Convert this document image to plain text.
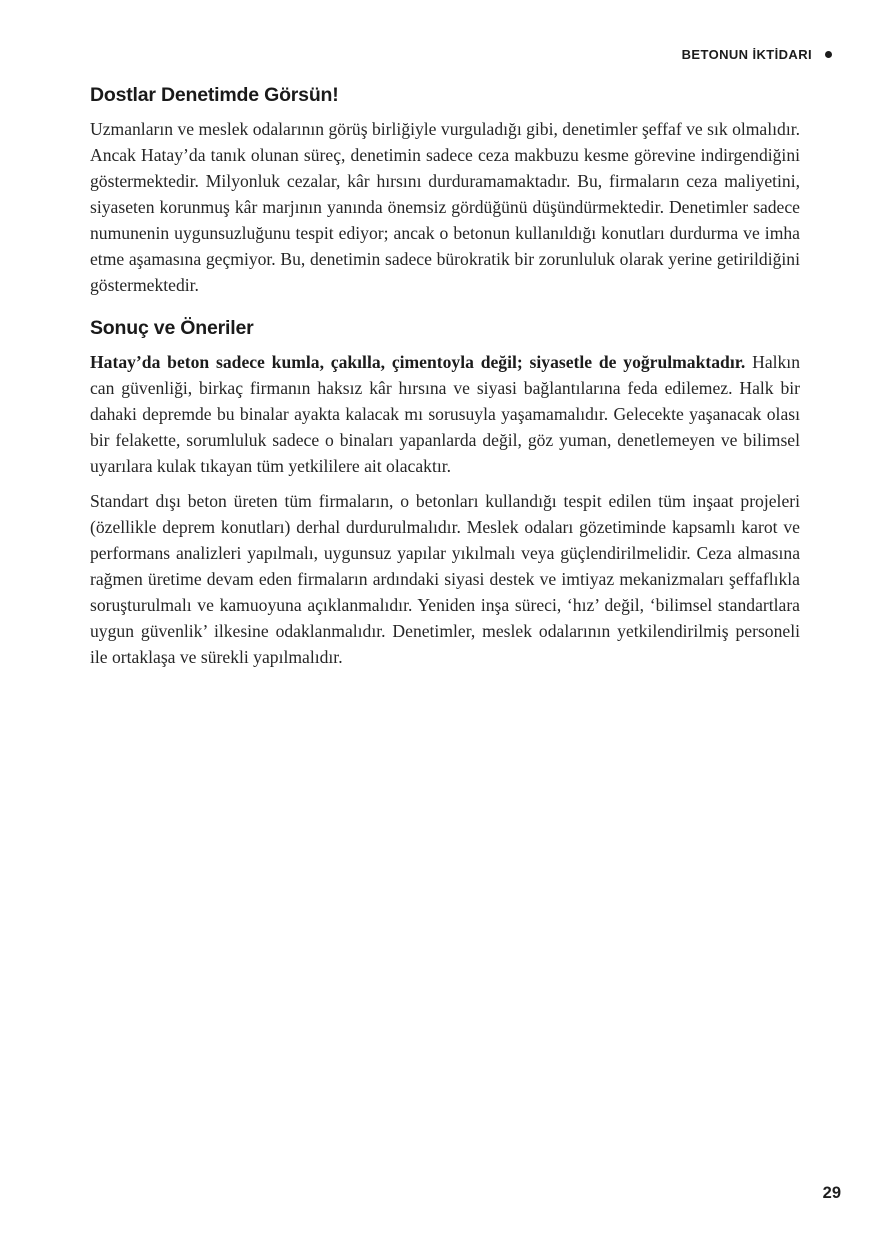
BETONUN İKTİDARI
Dostlar Denetimde Görsün!

Uzmanların ve meslek odalarının görüş birliğiyle vurguladığı gibi, denetimler şeffaf ve sık olmalıdır. Ancak Hatay’da tanık olunan süreç, denetimin sadece ceza makbuzu kesme görevine indirgendiğini göstermektedir. Milyonluk cezalar, kâr hırsını durduramamaktadır. Bu, firmaların ceza maliyetini, siyaseten korunmuş kâr marjının yanında önemsiz gördüğünü düşündürmektedir. Denetimler sadece numunenin uygunsuzluğunu tespit ediyor; ancak o betonun kullanıldığı konutları durdurma ve imha etme aşamasına geçmiyor. Bu, denetimin sadece bürokratik bir zorunluluk olarak yerine getirildiğini göstermektedir.

Sonuç ve Öneriler

Hatay’da beton sadece kumla, çakılla, çimentoyla değil; siyasetle de yoğrulmaktadır. Halkın can güvenliği, birkaç firmanın haksız kâr hırsına ve siyasi bağlantılarına feda edilemez. Halk bir dahaki depremde bu binalar ayakta kalacak mı sorusuyla yaşamamalıdır. Gelecekte yaşanacak olası bir felakette, sorumluluk sadece o binaları yapanlarda değil, göz yuman, denetlemeyen ve bilimsel uyarılara kulak tıkayan tüm yetkililere ait olacaktır.

Standart dışı beton üreten tüm firmaların, o betonları kullandığı tespit edilen tüm inşaat projeleri (özellikle deprem konutları) derhal durdurulmalıdır. Meslek odaları gözetiminde kapsamlı karot ve performans analizleri yapılmalı, uygunsuz yapılar yıkılmalı veya güçlendirilmelidir. Ceza almasına rağmen üretime devam eden firmaların ardındaki siyasi destek ve imtiyaz mekanizmaları şeffaflıkla soruşturulmalı ve kamuoyuna açıklanmalıdır. Yeniden inşa süreci, ‘hız’ değil, ‘bilimsel standartlara uygun güvenlik’ ilkesine odaklanmalıdır. Denetimler, meslek odalarının yetkilendirilmiş personeli ile ortaklaşa ve sürekli yapılmalıdır.

29
